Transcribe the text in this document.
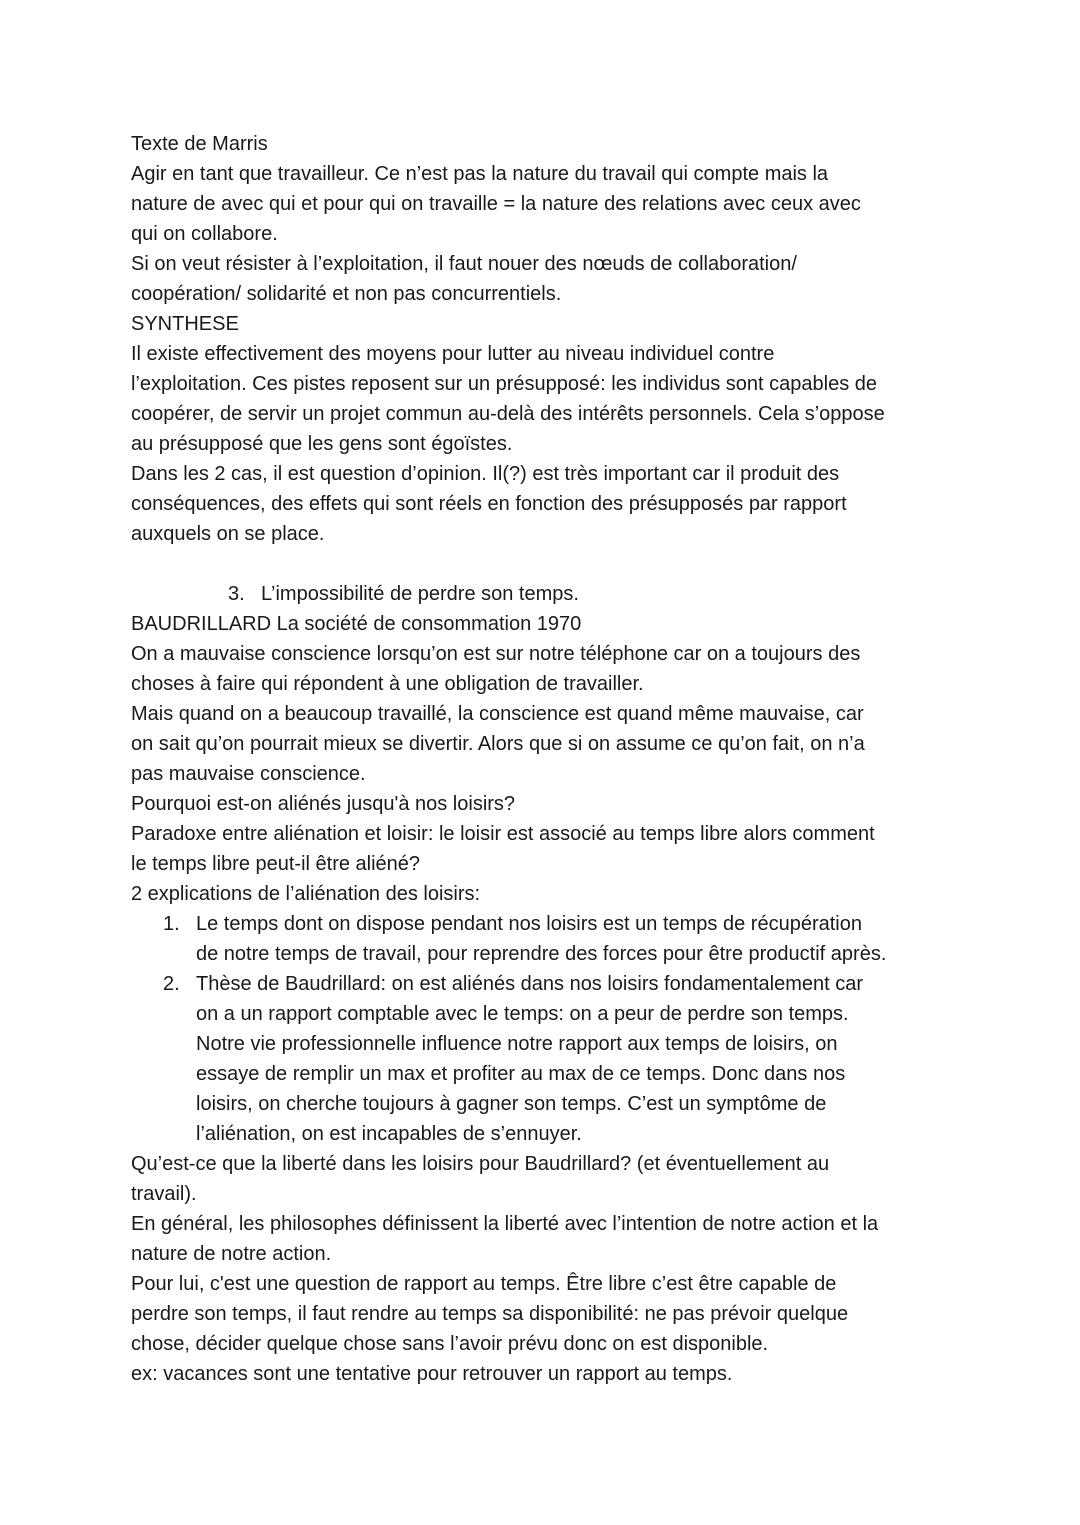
Texte de Marris
Agir en tant que travailleur. Ce n’est pas la nature du travail qui compte mais la
nature de avec qui et pour qui on travaille = la nature des relations avec ceux avec
qui on collabore.
Si on veut résister à l’exploitation, il faut nouer des nœuds de collaboration/
coopération/ solidarité et non pas concurrentiels.
SYNTHESE
Il existe effectivement des moyens pour lutter au niveau individuel contre
l’exploitation. Ces pistes reposent sur un présupposé: les individus sont capables de
coopérer, de servir un projet commun au-delà des intérêts personnels. Cela s’oppose
au présupposé que les gens sont égoïstes.
Dans les 2 cas, il est question d’opinion. Il(?) est très important car il produit des
conséquences, des effets qui sont réels en fonction des présupposés par rapport
auxquels on se place.
3. L’impossibilité de perdre son temps.
BAUDRILLARD La société de consommation 1970
On a mauvaise conscience lorsqu’on est sur notre téléphone car on a toujours des
choses à faire qui répondent à une obligation de travailler.
Mais quand on a beaucoup travaillé, la conscience est quand même mauvaise, car
on sait qu’on pourrait mieux se divertir. Alors que si on assume ce qu’on fait, on n’a
pas mauvaise conscience.
Pourquoi est-on aliénés jusqu'à nos loisirs?
Paradoxe entre aliénation et loisir: le loisir est associé au temps libre alors comment
le temps libre peut-il être aliéné?
2 explications de l’aliénation des loisirs:
1. Le temps dont on dispose pendant nos loisirs est un temps de récupération
de notre temps de travail, pour reprendre des forces pour être productif après.
2. Thèse de Baudrillard: on est aliénés dans nos loisirs fondamentalement car
on a un rapport comptable avec le temps: on a peur de perdre son temps.
Notre vie professionnelle influence notre rapport aux temps de loisirs, on
essaye de remplir un max et profiter au max de ce temps. Donc dans nos
loisirs, on cherche toujours à gagner son temps. C’est un symptôme de
l’aliénation, on est incapables de s’ennuyer.
Qu’est-ce que la liberté dans les loisirs pour Baudrillard? (et éventuellement au
travail).
En général, les philosophes définissent la liberté avec l’intention de notre action et la
nature de notre action.
Pour lui, c'est une question de rapport au temps. Être libre c’est être capable de
perdre son temps, il faut rendre au temps sa disponibilité: ne pas prévoir quelque
chose, décider quelque chose sans l’avoir prévu donc on est disponible.
ex: vacances sont une tentative pour retrouver un rapport au temps.
